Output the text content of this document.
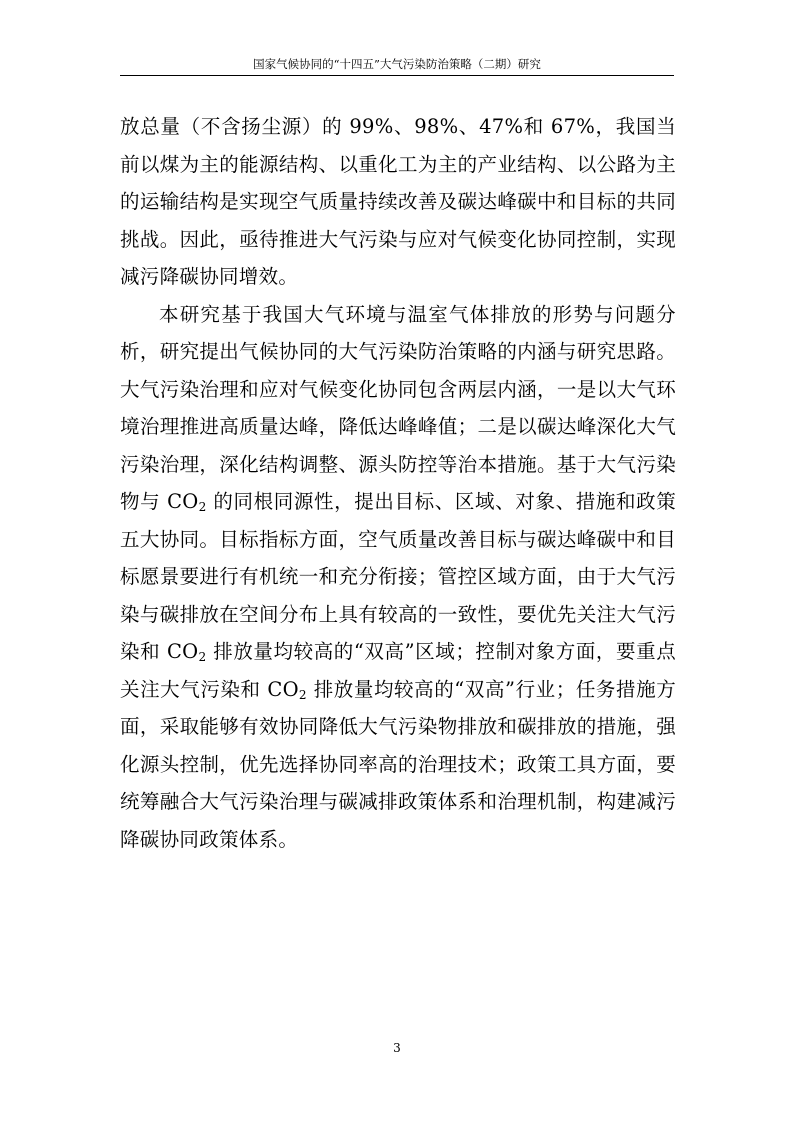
国家气候协同的“十四五”大气污染防治策略（二期）研究

放总量（不含扬尘源）的 99%、98%、47%和 67%，我国当前以煤为主的能源结构、以重化工为主的产业结构、以公路为主的运输结构是实现空气质量持续改善及碳达峰碳中和目标的共同挑战。因此，亟待推进大气污染与应对气候变化协同控制，实现减污降碳协同增效。

本研究基于我国大气环境与温室气体排放的形势与问题分析，研究提出气候协同的大气污染防治策略的内涵与研究思路。大气污染治理和应对气候变化协同包含两层内涵，一是以大气环境治理推进高质量达峰，降低达峰峰值；二是以碳达峰深化大气污染治理，深化结构调整、源头防控等治本措施。基于大气污染物与 $CO_2$ 的同根同源性，提出目标、区域、对象、措施和政策五大协同。目标指标方面，空气质量改善目标与碳达峰碳中和目标愿景要进行有机统一和充分衔接；管控区域方面，由于大气污染与碳排放在空间分布上具有较高的一致性，要优先关注大气污染和 $CO_2$ 排放量均较高的“双高”区域；控制对象方面，要重点关注大气污染和 $CO_2$ 排放量均较高的“双高”行业；任务措施方面，采取能够有效协同降低大气污染物排放和碳排放的措施，强化源头控制，优先选择协同率高的治理技术；政策工具方面，要统筹融合大气污染治理与碳减排政策体系和治理机制，构建减污降碳协同政策体系。

3
